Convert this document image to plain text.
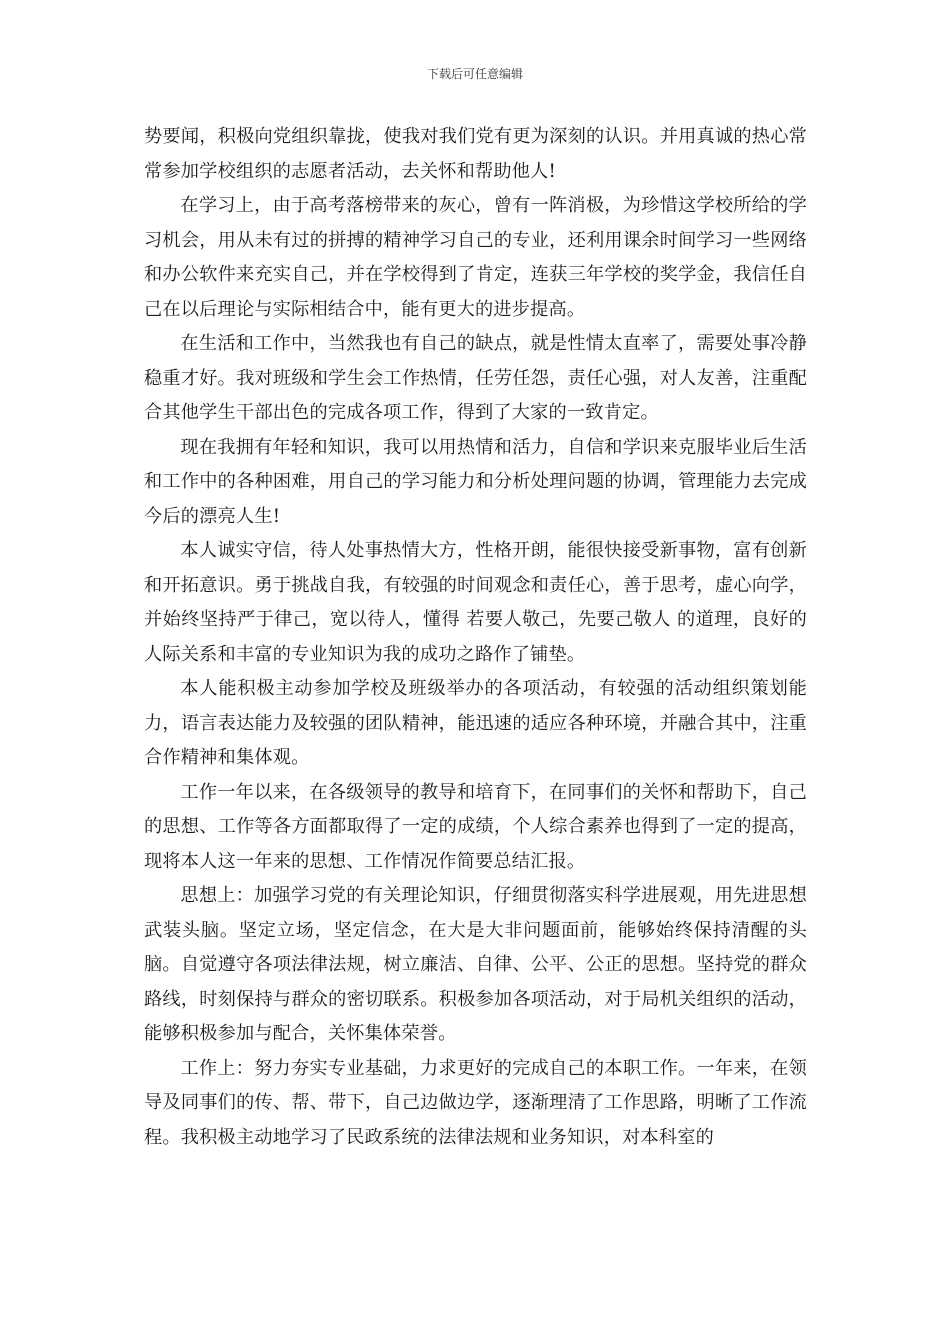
下载后可任意编辑

势要闻，积极向党组织靠拢，使我对我们党有更为深刻的认识。并用真诚的热心常常参加学校组织的志愿者活动，去关怀和帮助他人!

在学习上，由于高考落榜带来的灰心，曾有一阵消极，为珍惜这学校所给的学习机会，用从未有过的拼搏的精神学习自己的专业，还利用课余时间学习一些网络和办公软件来充实自己，并在学校得到了肯定，连获三年学校的奖学金，我信任自己在以后理论与实际相结合中，能有更大的进步提高。

在生活和工作中，当然我也有自己的缺点，就是性情太直率了，需要处事冷静稳重才好。我对班级和学生会工作热情，任劳任怨，责任心强，对人友善，注重配合其他学生干部出色的完成各项工作，得到了大家的一致肯定。

现在我拥有年轻和知识，我可以用热情和活力，自信和学识来克服毕业后生活和工作中的各种困难，用自己的学习能力和分析处理问题的协调，管理能力去完成今后的漂亮人生!

本人诚实守信，待人处事热情大方，性格开朗，能很快接受新事物，富有创新和开拓意识。勇于挑战自我，有较强的时间观念和责任心，善于思考，虚心向学，并始终坚持严于律己，宽以待人，懂得 若要人敬己，先要己敬人 的道理，良好的人际关系和丰富的专业知识为我的成功之路作了铺垫。

本人能积极主动参加学校及班级举办的各项活动，有较强的活动组织策划能力，语言表达能力及较强的团队精神，能迅速的适应各种环境，并融合其中，注重合作精神和集体观。

工作一年以来，在各级领导的教导和培育下，在同事们的关怀和帮助下，自己的思想、工作等各方面都取得了一定的成绩，个人综合素养也得到了一定的提高，现将本人这一年来的思想、工作情况作简要总结汇报。

思想上：加强学习党的有关理论知识，仔细贯彻落实科学进展观，用先进思想武装头脑。坚定立场，坚定信念，在大是大非问题面前，能够始终保持清醒的头脑。自觉遵守各项法律法规，树立廉洁、自律、公平、公正的思想。坚持党的群众路线，时刻保持与群众的密切联系。积极参加各项活动，对于局机关组织的活动，能够积极参加与配合，关怀集体荣誉。

工作上：努力夯实专业基础，力求更好的完成自己的本职工作。一年来，在领导及同事们的传、帮、带下，自己边做边学，逐渐理清了工作思路，明晰了工作流程。我积极主动地学习了民政系统的法律法规和业务知识，对本科室的
